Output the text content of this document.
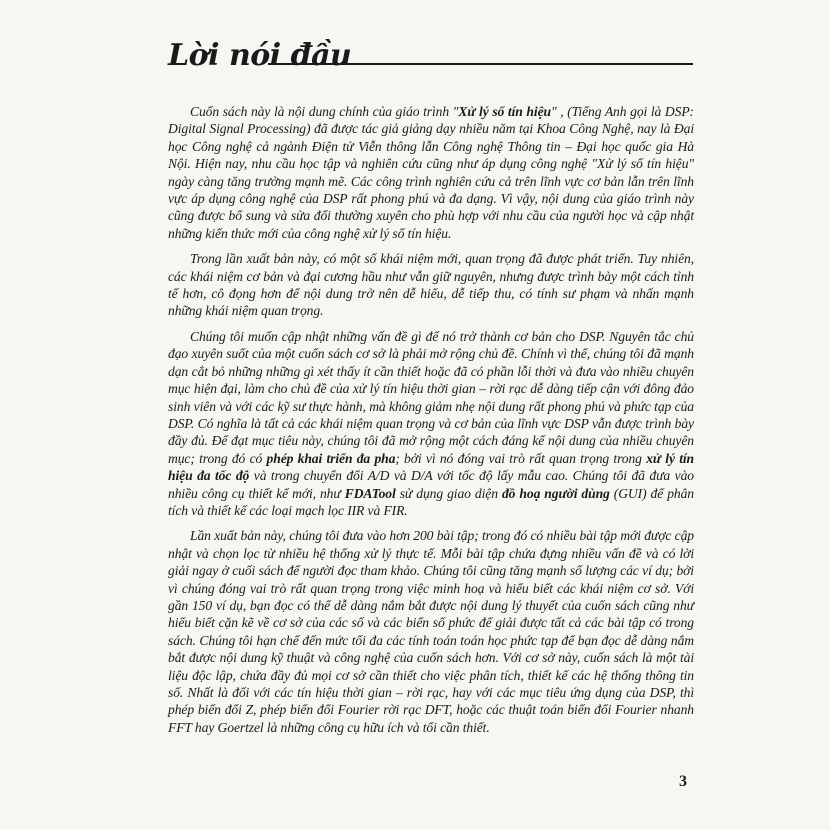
Lời nói đầu

Cuốn sách này là nội dung chính của giáo trình "Xử lý số tín hiệu" , (Tiếng Anh gọi là DSP: Digital Signal Processing) đã được tác giả giảng dạy nhiều năm tại Khoa Công Nghệ, nay là Đại học Công nghệ cả ngành Điện tử Viễn thông lẫn Công nghệ Thông tin – Đại học quốc gia Hà Nội. Hiện nay, nhu cầu học tập và nghiên cứu cũng như áp dụng công nghệ "Xử lý số tín hiệu" ngày càng tăng trưởng mạnh mẽ. Các công trình nghiên cứu cả trên lĩnh vực cơ bản lẫn trên lĩnh vực áp dụng công nghệ của DSP rất phong phú và đa dạng. Vì vậy, nội dung của giáo trình này cũng được bổ sung và sửa đổi thường xuyên cho phù hợp với nhu cầu của người học và cập nhật những kiến thức mới của công nghệ xử lý số tín hiệu.

Trong lần xuất bản này, có một số khái niệm mới, quan trọng đã được phát triển. Tuy nhiên, các khái niệm cơ bản và đại cương hầu như vẫn giữ nguyên, nhưng được trình bày một cách tỉnh tế hơn, cô đọng hơn để nội dung trở nên dễ hiểu, dễ tiếp thu, có tính sư phạm và nhấn mạnh những khái niệm quan trọng.

Chúng tôi muốn cập nhật những vấn đề gì để nó trở thành cơ bản cho DSP. Nguyên tắc chủ đạo xuyên suốt của một cuốn sách cơ sở là phải mở rộng chủ đề. Chính vì thế, chúng tôi đã mạnh dạn cắt bỏ những những gì xét thấy ít cần thiết hoặc đã có phần lỗi thời và đưa vào nhiều chuyên mục hiện đại, làm cho chủ đề của xử lý tín hiệu thời gian – rời rạc dễ dàng tiếp cận với đông đảo sinh viên và với các kỹ sư thực hành, mà không giảm nhẹ nội dung rất phong phú và phức tạp của DSP. Có nghĩa là tất cả các khái niệm quan trọng và cơ bản của lĩnh vực DSP vẫn được trình bày đầy đủ. Để đạt mục tiêu này, chúng tôi đã mở rộng một cách đáng kể nội dung của nhiều chuyên mục; trong đó có phép khai triển đa pha; bởi vì nó đóng vai trò rất quan trọng trong xử lý tín hiệu đa tốc độ và trong chuyển đổi A/D và D/A với tốc độ lấy mẫu cao. Chúng tôi đã đưa vào nhiều công cụ thiết kế mới, như FDATool sử dụng giao diện đồ hoạ người dùng (GUI) để phân tích và thiết kế các loại mạch lọc IIR và FIR.

Lần xuất bản này, chúng tôi đưa vào hơn 200 bài tập; trong đó có nhiều bài tập mới được cập nhật và chọn lọc từ nhiều hệ thống xử lý thực tế. Mỗi bài tập chứa đựng nhiều vấn đề và có lời giải ngay ở cuối sách để người đọc tham khảo. Chúng tôi cũng tăng mạnh số lượng các ví dụ; bởi vì chúng đóng vai trò rất quan trọng trong việc minh hoạ và hiểu biết các khái niệm cơ sở. Với gần 150 ví dụ, bạn đọc có thể dễ dàng nắm bắt được nội dung lý thuyết của cuốn sách cũng như hiểu biết cặn kẽ về cơ sở của các số và các biến số phức để giải được tất cả các bài tập có trong sách. Chúng tôi hạn chế đến mức tối đa các tính toán toán học phức tạp để bạn đọc dễ dàng nắm bắt được nội dung kỹ thuật và công nghệ của cuốn sách hơn. Với cơ sở này, cuốn sách là một tài liệu độc lập, chứa đầy đủ mọi cơ sở cần thiết cho việc phân tích, thiết kế các hệ thống thông tin số. Nhất là đối với các tín hiệu thời gian – rời rạc, hay với các mục tiêu ứng dụng của DSP, thì phép biến đổi Z, phép biến đổi Fourier rời rạc DFT, hoặc các thuật toán biến đổi Fourier nhanh FFT hay Goertzel là những công cụ hữu ích và tối cần thiết.

3
